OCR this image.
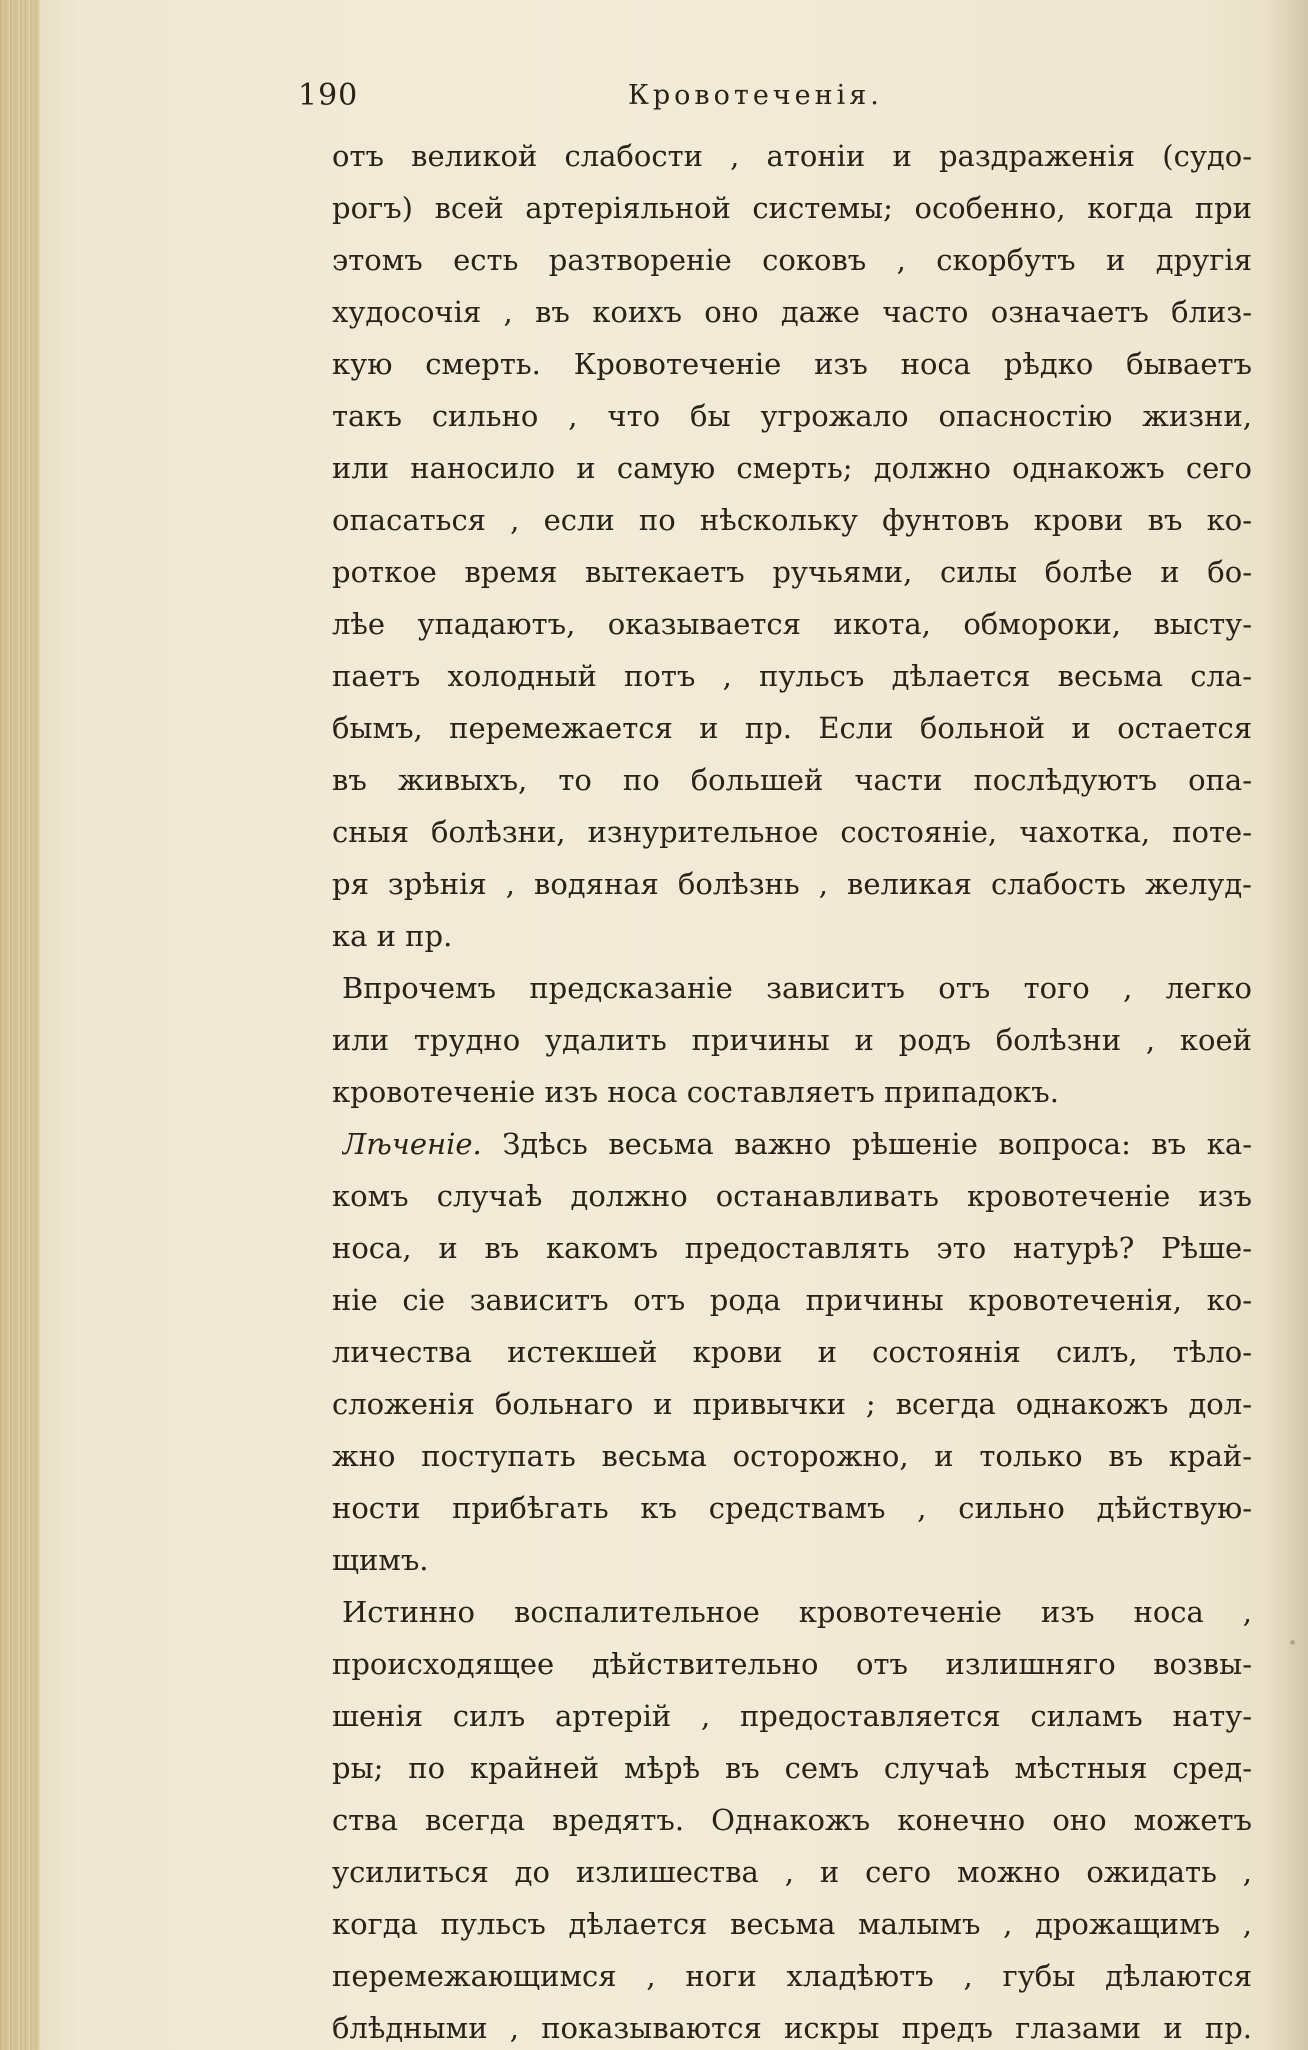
190	Кровотеченія.
отъ великой слабости , атоніи и раздраженія (судо-
рогъ) всей артеріяльной системы; особенно, когда при
этомъ есть разтвореніе соковъ , скорбутъ и другія
худосочія , въ коихъ оно даже часто означаетъ близ-
кую смерть. Кровотеченіе изъ носа рѣдко бываетъ
такъ сильно , что бы угрожало опасностію жизни,
или наносило и самую смерть; должно однакожъ сего
опасаться , если по нѣскольку фунтовъ крови въ ко-
роткое время вытекаетъ ручьями, силы болѣе и бо-
лѣе упадаютъ, оказывается икота, обмороки, высту-
паетъ холодный потъ , пульсъ дѣлается весьма сла-
бымъ, перемежается и пр. Если больной и остается
въ живыхъ, то по большей части послѣдуютъ опа-
сныя болѣзни, изнурительное состояніе, чахотка, поте-
ря зрѣнія , водяная болѣзнь , великая слабость желуд-
ка и пр.
Впрочемъ предсказаніе зависитъ отъ того , легко
или трудно удалить причины и родъ болѣзни , коей
кровотеченіе изъ носа составляетъ припадокъ.
Лѣченіе. Здѣсь весьма важно рѣшеніе вопроса: въ ка-
комъ случаѣ должно останавливать кровотеченіе изъ
носа, и въ какомъ предоставлять это натурѣ? Рѣше-
ніе сіе зависитъ отъ рода причины кровотеченія, ко-
личества истекшей крови и состоянія силъ, тѣло-
сложенія больнаго и привычки ; всегда однакожъ дол-
жно поступать весьма осторожно, и только въ край-
ности прибѣгать къ средствамъ , сильно дѣйствую-
щимъ.
Истинно воспалительное кровотеченіе изъ носа ,
происходящее дѣйствительно отъ излишняго возвы-
шенія силъ артерій , предоставляется силамъ нату-
ры; по крайней мѣрѣ въ семъ случаѣ мѣстныя сред-
ства всегда вредятъ. Однакожъ конечно оно можетъ
усилиться до излишества , и сего можно ожидать ,
когда пульсъ дѣлается весьма малымъ , дрожащимъ ,
перемежающимся , ноги хладѣютъ , губы дѣлаются
блѣдными , показываются искры предъ глазами и пр.
